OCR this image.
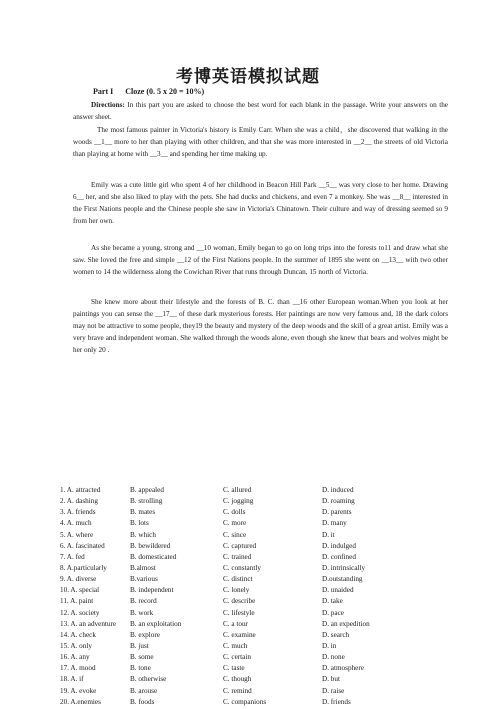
考博英语模拟试题
Part I Cloze (0. 5 x 20 = 10%)

Directions: In this part you are asked to choose the best word for each blank in the passage. Write your answers on the answer sheet.

The most famous painter in Victoria's history is Emily Carr. When she was a child，she discovered that walking in the woods __1__ more to her than playing with other children, and that she was more interested in __2__ the streets of old Victoria than playing at home with __3__ and spending her time making up.

Emily was a cute little girl who spent 4 of her childhood in Beacon Hill Park __5__ was very close to her home. Drawing 6__ her, and she also liked to play with the pets. She had ducks and chickens, and even 7 a monkey. She was __8__ interested in the First Nations people and the Chinese people she saw in Victoria's Chinatown. Their culture and way of dressing seemed so 9 from her own.

As she became a young, strong and __10 woman, Emily began to go on long trips into the forests to11 and draw what she saw. She loved the free and simple __12 of the First Nations people. In the summer of 1895 she went on __13__ with two other women to 14 the wilderness along the Cowichan River that runs through Duncan, 15 north of Victoria.

She knew more about their lifestyle and the forests of B. C. than __16 other European woman.When you look at her paintings you can sense the __17__ of these dark mysterious forests. Her paintings are now very famous and, 18 the dark colors may not be attractive to some people, they19 the beauty and mystery of the deep woods and the skill of a great artist. Emily was a very brave and independent woman. She walked through the woods alone, even though she knew that bears and wolves might be her only 20 .

1. A. attracted	B. appealed	C. allured	D. induced
2. A. dashing	B. strolling	C. jogging	D. roaming
3. A. friends	B. mates	C. dolls	D. parents
4. A. much	B. lots	C. more	D. many
5. A. where	B. which	C. since	D. it
6. A. fascinated	B. bewildered	C. captured	D. indulged
7. A. fed	B. domesticated	C. trained	D. confined
8. A.particularly	B.almost	C. constantly	D. intrinsically
9. A. diverse	B.various	C. distinct	D.outstanding
10. A. special	B. independent	C. lonely	D. unaided
11. A. paint	B. record	C. describe	D. take
12. A. society	B. work	C. lifestyle	D. pace
13. A. an adventure B. an exploitation	C. a tour	D. an expedition
14. A. check	B. explore	C. examine	D. search
15. A. only	B. just	C. much	D. in
16. A. any	B. some	C. certain	D. none
17. A. mood	B. tone	C. taste	D. atmosphere
18. A. if	B. otherwise	C. though	D. but
19. A. evoke	B. arouse	C. remind	D. raise
20. A.enemies	B. foods	C. companions	D. friends
